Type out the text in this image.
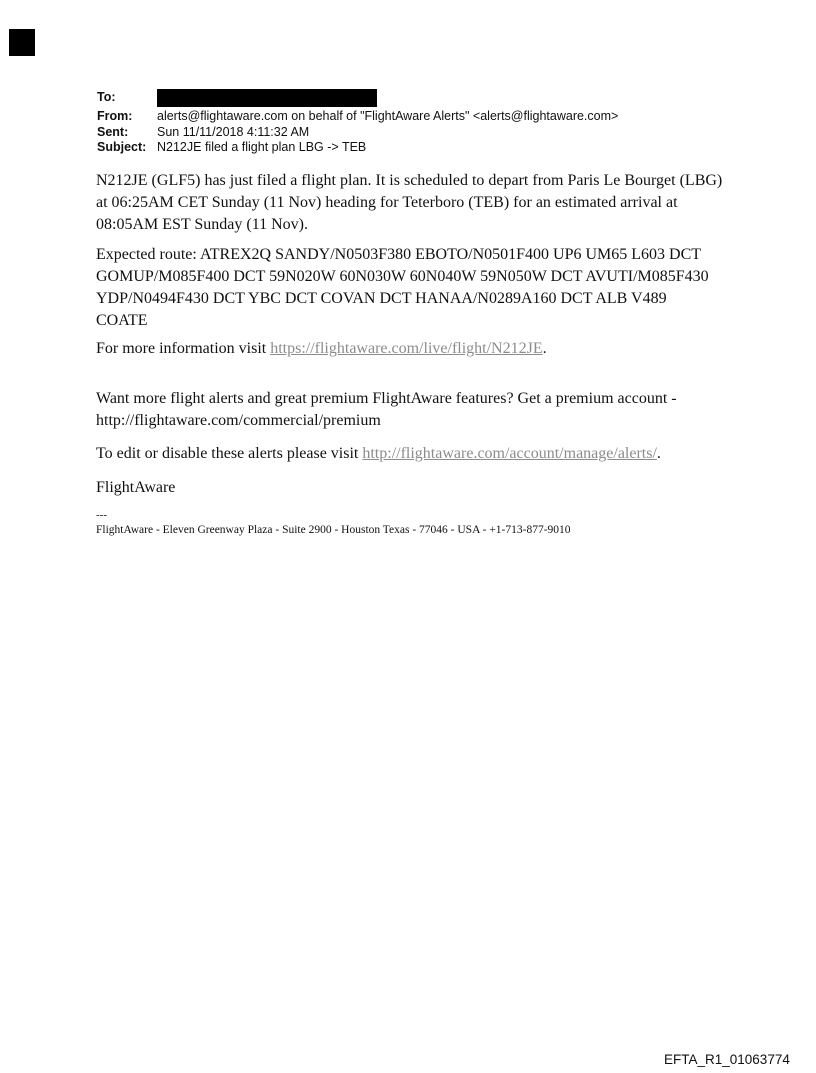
To:
From:	alerts@flightaware.com on behalf of "FlightAware Alerts" <alerts@flightaware.com>
Sent:	Sun 11/11/2018 4:11:32 AM
Subject: N212JE filed a flight plan LBG -> TEB
N212JE (GLF5) has just filed a flight plan. It is scheduled to depart from Paris Le Bourget (LBG)
at 06:25AM CET Sunday (11 Nov) heading for Teterboro (TEB) for an estimated arrival at
08:05AM EST Sunday (11 Nov).
Expected route: ATREX2Q SANDY/N0503F380 EBOTO/N0501F400 UP6 UM65 L603 DCT
GOMUP/M085F400 DCT 59N020W 60N030W 60N040W 59N050W DCT AVUTI/M085F430
YDP/N0494F430 DCT YBC DCT COVAN DCT HANAA/N0289A160 DCT ALB V489
COATE
For more information visit https://flightaware.com/live/flight/N212JE.
Want more flight alerts and great premium FlightAware features? Get a premium account -
http://flightaware.com/commercial/premium
To edit or disable these alerts please visit http://flightaware.com/account/manage/alerts/.
FlightAware
---
FlightAware - Eleven Greenway Plaza - Suite 2900 - Houston Texas - 77046 - USA - +1-713-877-9010
EFTA_R1_01063774
